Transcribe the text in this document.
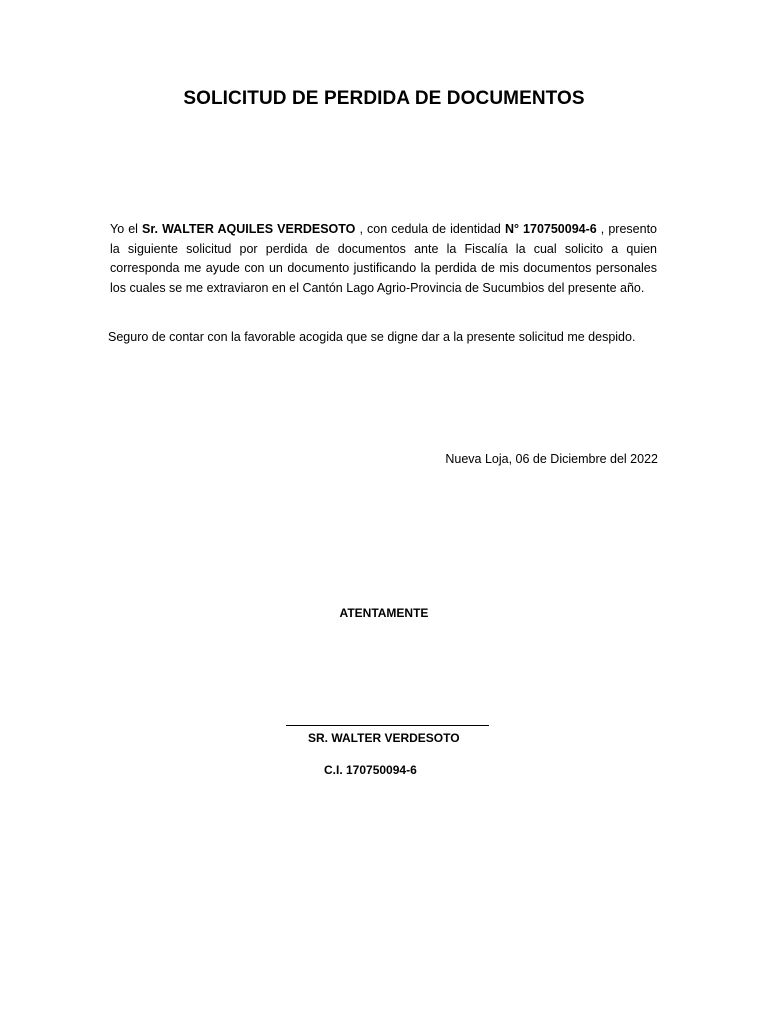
SOLICITUD DE PERDIDA DE DOCUMENTOS
Yo el Sr. WALTER AQUILES VERDESOTO , con cedula de identidad N° 170750094-6 , presento la siguiente solicitud por perdida de documentos ante la Fiscalía la cual solicito a quien corresponda me ayude con un documento justificando la perdida de mis documentos personales los cuales se me extraviaron en el Cantón Lago Agrio-Provincia de Sucumbios del presente año.
Seguro de contar con la favorable acogida que se digne dar a la presente solicitud me despido.
Nueva Loja, 06 de Diciembre del 2022
ATENTAMENTE
SR. WALTER VERDESOTO
C.I. 170750094-6
